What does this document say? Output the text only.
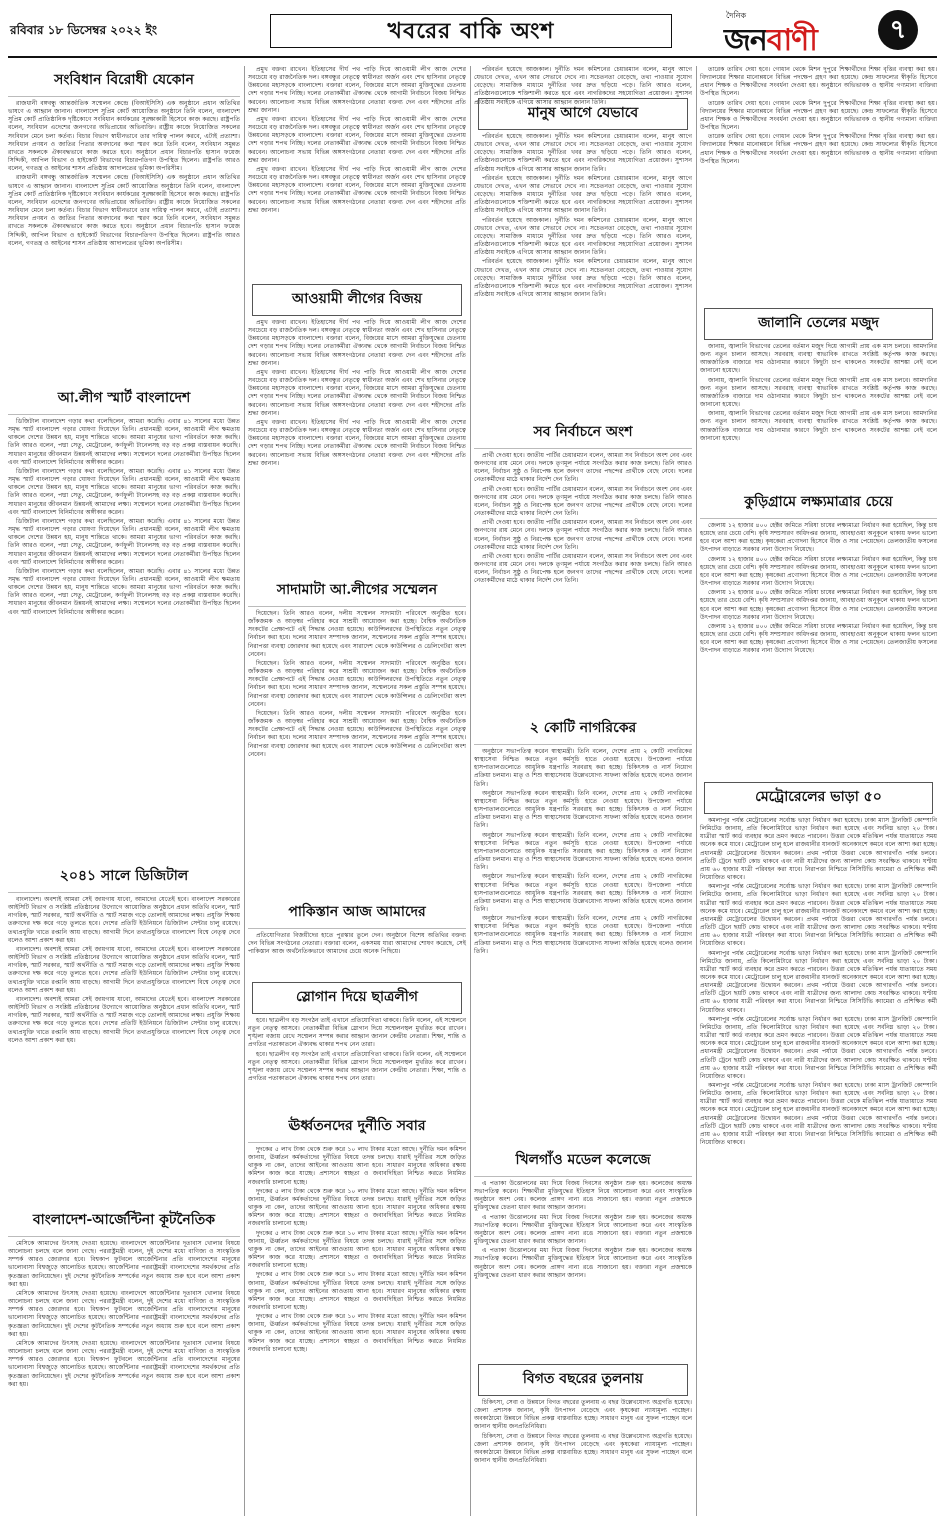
রবিবার ১৮ ডিসেম্বর ২০২২ ইং	খবরের বাকি অংশ
দৈনিক
জনবাণী	৭
সংবিধান বিরোধী যেকোন

রাজধানী বঙ্গবন্ধু আন্তর্জাতিক সম্মেলন কেন্দ্রে (বিআইসিসি) এক অনুষ্ঠানে প্রধান অতিথির ভাষণে এ আহ্বান জানান। বাংলাদেশ সুপ্রিম কোর্ট আয়োজিত অনুষ্ঠানে তিনি বলেন, বাংলাদেশ সুপ্রিম কোর্ট প্রাতিষ্ঠানিক দৃষ্টিকোণে সংবিধান কার্যকরের সুরক্ষাকারী হিসেবে কাজ করছে। রাষ্ট্রপতি বলেন, সংবিধান এদেশের জনগণের অভিপ্রায়ের অভিব্যক্তি। রাষ্ট্রীয় কাজে নিয়োজিত সকলের সংবিধান মেনে চলা কর্তব্য। বিচার বিভাগ স্বাধীনভাবে তার দায়িত্ব পালন করবে, এটাই প্রত্যাশা। সংবিধান প্রণয়ন ও জাতির পিতার অবদানের কথা স্মরণ করে তিনি বলেন, সংবিধান সমুন্নত রাখতে সকলকে ঐক্যবদ্ধভাবে কাজ করতে হবে। অনুষ্ঠানে প্রধান বিচারপতি হাসান ফয়েজ সিদ্দিকী, আপিল বিভাগ ও হাইকোর্ট বিভাগের বিচারপতিগণ উপস্থিত ছিলেন। রাষ্ট্রপতি আরও বলেন, গণতন্ত্র ও আইনের শাসন প্রতিষ্ঠায় আদালতের ভূমিকা অপরিসীম।

রাজধানী বঙ্গবন্ধু আন্তর্জাতিক সম্মেলন কেন্দ্রে (বিআইসিসি) এক অনুষ্ঠানে প্রধান অতিথির ভাষণে এ আহ্বান জানান। বাংলাদেশ সুপ্রিম কোর্ট আয়োজিত অনুষ্ঠানে তিনি বলেন, বাংলাদেশ সুপ্রিম কোর্ট প্রাতিষ্ঠানিক দৃষ্টিকোণে সংবিধান কার্যকরের সুরক্ষাকারী হিসেবে কাজ করছে। রাষ্ট্রপতি বলেন, সংবিধান এদেশের জনগণের অভিপ্রায়ের অভিব্যক্তি। রাষ্ট্রীয় কাজে নিয়োজিত সকলের সংবিধান মেনে চলা কর্তব্য। বিচার বিভাগ স্বাধীনভাবে তার দায়িত্ব পালন করবে, এটাই প্রত্যাশা। সংবিধান প্রণয়ন ও জাতির পিতার অবদানের কথা স্মরণ করে তিনি বলেন, সংবিধান সমুন্নত রাখতে সকলকে ঐক্যবদ্ধভাবে কাজ করতে হবে। অনুষ্ঠানে প্রধান বিচারপতি হাসান ফয়েজ সিদ্দিকী, আপিল বিভাগ ও হাইকোর্ট বিভাগের বিচারপতিগণ উপস্থিত ছিলেন। রাষ্ট্রপতি আরও বলেন, গণতন্ত্র ও আইনের শাসন প্রতিষ্ঠায় আদালতের ভূমিকা অপরিসীম।

আ.লীগ স্মার্ট বাংলাদেশ

ডিজিটাল বাংলাদেশ গড়ার কথা বলেছিলেন, আমরা করেছি। এবার ৪১ সালের মধ্যে উন্নত সমৃদ্ধ স্মার্ট বাংলাদেশ গড়ার ঘোষণা দিয়েছেন তিনি। প্রধানমন্ত্রী বলেন, আওয়ামী লীগ ক্ষমতায় থাকলে দেশের উন্নয়ন হয়, মানুষ শান্তিতে থাকে। আমরা মানুষের ভাগ্য পরিবর্তনে কাজ করছি। তিনি আরও বলেন, পদ্মা সেতু, মেট্রোরেল, কর্ণফুলী টানেলসহ বড় বড় প্রকল্প বাস্তবায়ন করেছি। সাধারণ মানুষের জীবনমান উন্নয়নই আমাদের লক্ষ্য। সম্মেলনে দলের নেতাকর্মীরা উপস্থিত ছিলেন এবং স্মার্ট বাংলাদেশ বিনির্মাণের অঙ্গীকার করেন।

ডিজিটাল বাংলাদেশ গড়ার কথা বলেছিলেন, আমরা করেছি। এবার ৪১ সালের মধ্যে উন্নত সমৃদ্ধ স্মার্ট বাংলাদেশ গড়ার ঘোষণা দিয়েছেন তিনি। প্রধানমন্ত্রী বলেন, আওয়ামী লীগ ক্ষমতায় থাকলে দেশের উন্নয়ন হয়, মানুষ শান্তিতে থাকে। আমরা মানুষের ভাগ্য পরিবর্তনে কাজ করছি। তিনি আরও বলেন, পদ্মা সেতু, মেট্রোরেল, কর্ণফুলী টানেলসহ বড় বড় প্রকল্প বাস্তবায়ন করেছি। সাধারণ মানুষের জীবনমান উন্নয়নই আমাদের লক্ষ্য। সম্মেলনে দলের নেতাকর্মীরা উপস্থিত ছিলেন এবং স্মার্ট বাংলাদেশ বিনির্মাণের অঙ্গীকার করেন।

ডিজিটাল বাংলাদেশ গড়ার কথা বলেছিলেন, আমরা করেছি। এবার ৪১ সালের মধ্যে উন্নত সমৃদ্ধ স্মার্ট বাংলাদেশ গড়ার ঘোষণা দিয়েছেন তিনি। প্রধানমন্ত্রী বলেন, আওয়ামী লীগ ক্ষমতায় থাকলে দেশের উন্নয়ন হয়, মানুষ শান্তিতে থাকে। আমরা মানুষের ভাগ্য পরিবর্তনে কাজ করছি। তিনি আরও বলেন, পদ্মা সেতু, মেট্রোরেল, কর্ণফুলী টানেলসহ বড় বড় প্রকল্প বাস্তবায়ন করেছি। সাধারণ মানুষের জীবনমান উন্নয়নই আমাদের লক্ষ্য। সম্মেলনে দলের নেতাকর্মীরা উপস্থিত ছিলেন এবং স্মার্ট বাংলাদেশ বিনির্মাণের অঙ্গীকার করেন।

ডিজিটাল বাংলাদেশ গড়ার কথা বলেছিলেন, আমরা করেছি। এবার ৪১ সালের মধ্যে উন্নত সমৃদ্ধ স্মার্ট বাংলাদেশ গড়ার ঘোষণা দিয়েছেন তিনি। প্রধানমন্ত্রী বলেন, আওয়ামী লীগ ক্ষমতায় থাকলে দেশের উন্নয়ন হয়, মানুষ শান্তিতে থাকে। আমরা মানুষের ভাগ্য পরিবর্তনে কাজ করছি। তিনি আরও বলেন, পদ্মা সেতু, মেট্রোরেল, কর্ণফুলী টানেলসহ বড় বড় প্রকল্প বাস্তবায়ন করেছি। সাধারণ মানুষের জীবনমান উন্নয়নই আমাদের লক্ষ্য। সম্মেলনে দলের নেতাকর্মীরা উপস্থিত ছিলেন এবং স্মার্ট বাংলাদেশ বিনির্মাণের অঙ্গীকার করেন।

২০৪১ সালে ডিজিটাল

বাংলাদেশ। অবশ্যই আমরা সেই জায়গায় যাবো, আমাদের যেতেই হবে। বাংলাদেশ সরকারের আইসিটি বিভাগ ও সংশ্লিষ্ট প্রতিষ্ঠানের উদ্যোগে আয়োজিত অনুষ্ঠানে প্রধান অতিথি বলেন, স্মার্ট নাগরিক, স্মার্ট সরকার, স্মার্ট অর্থনীতি ও স্মার্ট সমাজ গড়ে তোলাই আমাদের লক্ষ্য। প্রযুক্তি শিক্ষায় তরুণদের দক্ষ করে গড়ে তুলতে হবে। দেশের প্রতিটি ইউনিয়নে ডিজিটাল সেন্টার চালু রয়েছে। তথ্যপ্রযুক্তি খাতে রপ্তানি আয় বাড়ছে। আগামী দিনে তথ্যপ্রযুক্তিতে বাংলাদেশ বিশ্বে নেতৃত্ব দেবে বলেও আশা প্রকাশ করা হয়।

বাংলাদেশ। অবশ্যই আমরা সেই জায়গায় যাবো, আমাদের যেতেই হবে। বাংলাদেশ সরকারের আইসিটি বিভাগ ও সংশ্লিষ্ট প্রতিষ্ঠানের উদ্যোগে আয়োজিত অনুষ্ঠানে প্রধান অতিথি বলেন, স্মার্ট নাগরিক, স্মার্ট সরকার, স্মার্ট অর্থনীতি ও স্মার্ট সমাজ গড়ে তোলাই আমাদের লক্ষ্য। প্রযুক্তি শিক্ষায় তরুণদের দক্ষ করে গড়ে তুলতে হবে। দেশের প্রতিটি ইউনিয়নে ডিজিটাল সেন্টার চালু রয়েছে। তথ্যপ্রযুক্তি খাতে রপ্তানি আয় বাড়ছে। আগামী দিনে তথ্যপ্রযুক্তিতে বাংলাদেশ বিশ্বে নেতৃত্ব দেবে বলেও আশা প্রকাশ করা হয়।

বাংলাদেশ। অবশ্যই আমরা সেই জায়গায় যাবো, আমাদের যেতেই হবে। বাংলাদেশ সরকারের আইসিটি বিভাগ ও সংশ্লিষ্ট প্রতিষ্ঠানের উদ্যোগে আয়োজিত অনুষ্ঠানে প্রধান অতিথি বলেন, স্মার্ট নাগরিক, স্মার্ট সরকার, স্মার্ট অর্থনীতি ও স্মার্ট সমাজ গড়ে তোলাই আমাদের লক্ষ্য। প্রযুক্তি শিক্ষায় তরুণদের দক্ষ করে গড়ে তুলতে হবে। দেশের প্রতিটি ইউনিয়নে ডিজিটাল সেন্টার চালু রয়েছে। তথ্যপ্রযুক্তি খাতে রপ্তানি আয় বাড়ছে। আগামী দিনে তথ্যপ্রযুক্তিতে বাংলাদেশ বিশ্বে নেতৃত্ব দেবে বলেও আশা প্রকাশ করা হয়।

বাংলাদেশ-আর্জেন্টিনা কূটনৈতিক

মেসিকে আমাদের উৎসাহ দেওয়া হয়েছে। বাংলাদেশে আর্জেন্টিনার দূতাবাস খোলার বিষয়ে আলোচনা চলছে বলে জানা গেছে। পররাষ্ট্রমন্ত্রী বলেন, দুই দেশের মধ্যে বাণিজ্য ও সাংস্কৃতিক সম্পর্ক আরও জোরদার হবে। বিশ্বকাপ ফুটবলে আর্জেন্টিনার প্রতি বাংলাদেশের মানুষের ভালোবাসা বিশ্বজুড়ে আলোচিত হয়েছে। আর্জেন্টিনার পররাষ্ট্রমন্ত্রী বাংলাদেশের সমর্থকদের প্রতি কৃতজ্ঞতা জানিয়েছেন। দুই দেশের কূটনৈতিক সম্পর্কের নতুন অধ্যায় শুরু হবে বলে আশা প্রকাশ করা হয়।

মেসিকে আমাদের উৎসাহ দেওয়া হয়েছে। বাংলাদেশে আর্জেন্টিনার দূতাবাস খোলার বিষয়ে আলোচনা চলছে বলে জানা গেছে। পররাষ্ট্রমন্ত্রী বলেন, দুই দেশের মধ্যে বাণিজ্য ও সাংস্কৃতিক সম্পর্ক আরও জোরদার হবে। বিশ্বকাপ ফুটবলে আর্জেন্টিনার প্রতি বাংলাদেশের মানুষের ভালোবাসা বিশ্বজুড়ে আলোচিত হয়েছে। আর্জেন্টিনার পররাষ্ট্রমন্ত্রী বাংলাদেশের সমর্থকদের প্রতি কৃতজ্ঞতা জানিয়েছেন। দুই দেশের কূটনৈতিক সম্পর্কের নতুন অধ্যায় শুরু হবে বলে আশা প্রকাশ করা হয়।

মেসিকে আমাদের উৎসাহ দেওয়া হয়েছে। বাংলাদেশে আর্জেন্টিনার দূতাবাস খোলার বিষয়ে আলোচনা চলছে বলে জানা গেছে। পররাষ্ট্রমন্ত্রী বলেন, দুই দেশের মধ্যে বাণিজ্য ও সাংস্কৃতিক সম্পর্ক আরও জোরদার হবে। বিশ্বকাপ ফুটবলে আর্জেন্টিনার প্রতি বাংলাদেশের মানুষের ভালোবাসা বিশ্বজুড়ে আলোচিত হয়েছে। আর্জেন্টিনার পররাষ্ট্রমন্ত্রী বাংলাদেশের সমর্থকদের প্রতি কৃতজ্ঞতা জানিয়েছেন। দুই দেশের কূটনৈতিক সম্পর্কের নতুন অধ্যায় শুরু হবে বলে আশা প্রকাশ করা হয়।

প্রমুখ বক্তব্য রাখেন। ইতিহাসের দীর্ঘ পথ পাড়ি দিয়ে আওয়ামী লীগ আজ দেশের সবচেয়ে বড় রাজনৈতিক দল। বঙ্গবন্ধুর নেতৃত্বে স্বাধীনতা অর্জন এবং শেখ হাসিনার নেতৃত্বে উন্নয়নের মহাসড়কে বাংলাদেশ। বক্তারা বলেন, বিজয়ের মাসে আমরা মুক্তিযুদ্ধের চেতনায় দেশ গড়ার শপথ নিচ্ছি। দলের নেতাকর্মীরা ঐক্যবদ্ধ থেকে আগামী নির্বাচনে বিজয় নিশ্চিত করবেন। আলোচনা সভায় বিভিন্ন অঙ্গসংগঠনের নেতারা বক্তব্য দেন এবং শহীদদের প্রতি শ্রদ্ধা জানান।

প্রমুখ বক্তব্য রাখেন। ইতিহাসের দীর্ঘ পথ পাড়ি দিয়ে আওয়ামী লীগ আজ দেশের সবচেয়ে বড় রাজনৈতিক দল। বঙ্গবন্ধুর নেতৃত্বে স্বাধীনতা অর্জন এবং শেখ হাসিনার নেতৃত্বে উন্নয়নের মহাসড়কে বাংলাদেশ। বক্তারা বলেন, বিজয়ের মাসে আমরা মুক্তিযুদ্ধের চেতনায় দেশ গড়ার শপথ নিচ্ছি। দলের নেতাকর্মীরা ঐক্যবদ্ধ থেকে আগামী নির্বাচনে বিজয় নিশ্চিত করবেন। আলোচনা সভায় বিভিন্ন অঙ্গসংগঠনের নেতারা বক্তব্য দেন এবং শহীদদের প্রতি শ্রদ্ধা জানান।

প্রমুখ বক্তব্য রাখেন। ইতিহাসের দীর্ঘ পথ পাড়ি দিয়ে আওয়ামী লীগ আজ দেশের সবচেয়ে বড় রাজনৈতিক দল। বঙ্গবন্ধুর নেতৃত্বে স্বাধীনতা অর্জন এবং শেখ হাসিনার নেতৃত্বে উন্নয়নের মহাসড়কে বাংলাদেশ। বক্তারা বলেন, বিজয়ের মাসে আমরা মুক্তিযুদ্ধের চেতনায় দেশ গড়ার শপথ নিচ্ছি। দলের নেতাকর্মীরা ঐক্যবদ্ধ থেকে আগামী নির্বাচনে বিজয় নিশ্চিত করবেন। আলোচনা সভায় বিভিন্ন অঙ্গসংগঠনের নেতারা বক্তব্য দেন এবং শহীদদের প্রতি শ্রদ্ধা জানান।

আওয়ামী লীগের বিজয়

প্রমুখ বক্তব্য রাখেন। ইতিহাসের দীর্ঘ পথ পাড়ি দিয়ে আওয়ামী লীগ আজ দেশের সবচেয়ে বড় রাজনৈতিক দল। বঙ্গবন্ধুর নেতৃত্বে স্বাধীনতা অর্জন এবং শেখ হাসিনার নেতৃত্বে উন্নয়নের মহাসড়কে বাংলাদেশ। বক্তারা বলেন, বিজয়ের মাসে আমরা মুক্তিযুদ্ধের চেতনায় দেশ গড়ার শপথ নিচ্ছি। দলের নেতাকর্মীরা ঐক্যবদ্ধ থেকে আগামী নির্বাচনে বিজয় নিশ্চিত করবেন। আলোচনা সভায় বিভিন্ন অঙ্গসংগঠনের নেতারা বক্তব্য দেন এবং শহীদদের প্রতি শ্রদ্ধা জানান।

প্রমুখ বক্তব্য রাখেন। ইতিহাসের দীর্ঘ পথ পাড়ি দিয়ে আওয়ামী লীগ আজ দেশের সবচেয়ে বড় রাজনৈতিক দল। বঙ্গবন্ধুর নেতৃত্বে স্বাধীনতা অর্জন এবং শেখ হাসিনার নেতৃত্বে উন্নয়নের মহাসড়কে বাংলাদেশ। বক্তারা বলেন, বিজয়ের মাসে আমরা মুক্তিযুদ্ধের চেতনায় দেশ গড়ার শপথ নিচ্ছি। দলের নেতাকর্মীরা ঐক্যবদ্ধ থেকে আগামী নির্বাচনে বিজয় নিশ্চিত করবেন। আলোচনা সভায় বিভিন্ন অঙ্গসংগঠনের নেতারা বক্তব্য দেন এবং শহীদদের প্রতি শ্রদ্ধা জানান।

প্রমুখ বক্তব্য রাখেন। ইতিহাসের দীর্ঘ পথ পাড়ি দিয়ে আওয়ামী লীগ আজ দেশের সবচেয়ে বড় রাজনৈতিক দল। বঙ্গবন্ধুর নেতৃত্বে স্বাধীনতা অর্জন এবং শেখ হাসিনার নেতৃত্বে উন্নয়নের মহাসড়কে বাংলাদেশ। বক্তারা বলেন, বিজয়ের মাসে আমরা মুক্তিযুদ্ধের চেতনায় দেশ গড়ার শপথ নিচ্ছি। দলের নেতাকর্মীরা ঐক্যবদ্ধ থেকে আগামী নির্বাচনে বিজয় নিশ্চিত করবেন। আলোচনা সভায় বিভিন্ন অঙ্গসংগঠনের নেতারা বক্তব্য দেন এবং শহীদদের প্রতি শ্রদ্ধা জানান।

সাদামাটা আ.লীগের সম্মেলন

দিয়েছেন। তিনি আরও বলেন, দলীয় সম্মেলন সাদামাটা পরিবেশে অনুষ্ঠিত হবে। জাঁকজমক ও আড়ম্বর পরিহার করে সাশ্রয়ী আয়োজন করা হচ্ছে। বৈশ্বিক অর্থনৈতিক সংকটের প্রেক্ষাপটে এই সিদ্ধান্ত নেওয়া হয়েছে। কাউন্সিলরদের উপস্থিতিতে নতুন নেতৃত্ব নির্বাচন করা হবে। দলের সাধারণ সম্পাদক জানান, সম্মেলনের সকল প্রস্তুতি সম্পন্ন হয়েছে। নিরাপত্তা ব্যবস্থা জোরদার করা হয়েছে এবং সারাদেশ থেকে কাউন্সিলর ও ডেলিগেটরা অংশ নেবেন।

দিয়েছেন। তিনি আরও বলেন, দলীয় সম্মেলন সাদামাটা পরিবেশে অনুষ্ঠিত হবে। জাঁকজমক ও আড়ম্বর পরিহার করে সাশ্রয়ী আয়োজন করা হচ্ছে। বৈশ্বিক অর্থনৈতিক সংকটের প্রেক্ষাপটে এই সিদ্ধান্ত নেওয়া হয়েছে। কাউন্সিলরদের উপস্থিতিতে নতুন নেতৃত্ব নির্বাচন করা হবে। দলের সাধারণ সম্পাদক জানান, সম্মেলনের সকল প্রস্তুতি সম্পন্ন হয়েছে। নিরাপত্তা ব্যবস্থা জোরদার করা হয়েছে এবং সারাদেশ থেকে কাউন্সিলর ও ডেলিগেটরা অংশ নেবেন।

দিয়েছেন। তিনি আরও বলেন, দলীয় সম্মেলন সাদামাটা পরিবেশে অনুষ্ঠিত হবে। জাঁকজমক ও আড়ম্বর পরিহার করে সাশ্রয়ী আয়োজন করা হচ্ছে। বৈশ্বিক অর্থনৈতিক সংকটের প্রেক্ষাপটে এই সিদ্ধান্ত নেওয়া হয়েছে। কাউন্সিলরদের উপস্থিতিতে নতুন নেতৃত্ব নির্বাচন করা হবে। দলের সাধারণ সম্পাদক জানান, সম্মেলনের সকল প্রস্তুতি সম্পন্ন হয়েছে। নিরাপত্তা ব্যবস্থা জোরদার করা হয়েছে এবং সারাদেশ থেকে কাউন্সিলর ও ডেলিগেটরা অংশ নেবেন।

পাকিস্তান আজ আমাদের

প্রতিযোগিতার বিজয়ীদের হাতে পুরস্কার তুলে দেন। অনুষ্ঠানে বিশেষ অতিথির বক্তব্য দেন বিভিন্ন সংগঠনের নেতারা। বক্তারা বলেন, একসময় যারা আমাদের শোষণ করেছে, সেই পাকিস্তান আজ অর্থনৈতিকভাবে আমাদের চেয়ে অনেক পিছিয়ে।

স্লোগান দিয়ে ছাত্রলীগ

হবে। ছাত্রলীগ বড় সংগঠন তাই এখানে প্রতিযোগিতা থাকবে। তিনি বলেন, এই সম্মেলনে নতুন নেতৃত্ব আসবে। নেতাকর্মীরা বিভিন্ন স্লোগান দিয়ে সম্মেলনস্থল মুখরিত করে রাখেন। শৃঙ্খলা বজায় রেখে সম্মেলন সম্পন্ন করার আহ্বান জানান কেন্দ্রীয় নেতারা। শিক্ষা, শান্তি ও প্রগতির পতাকাতলে ঐক্যবদ্ধ থাকার শপথ নেন তারা।

হবে। ছাত্রলীগ বড় সংগঠন তাই এখানে প্রতিযোগিতা থাকবে। তিনি বলেন, এই সম্মেলনে নতুন নেতৃত্ব আসবে। নেতাকর্মীরা বিভিন্ন স্লোগান দিয়ে সম্মেলনস্থল মুখরিত করে রাখেন। শৃঙ্খলা বজায় রেখে সম্মেলন সম্পন্ন করার আহ্বান জানান কেন্দ্রীয় নেতারা। শিক্ষা, শান্তি ও প্রগতির পতাকাতলে ঐক্যবদ্ধ থাকার শপথ নেন তারা।

ঊর্ধ্বতনদের দুর্নীতি সবার

দুদকের ৫ লাখ টাকা থেকে শুরু করে ১০ লাখ টাকার মতো আছে। দুর্নীতি দমন কমিশন জানায়, ঊর্ধ্বতন কর্মকর্তাদের দুর্নীতির বিষয়ে তদন্ত চলছে। যারাই দুর্নীতির সঙ্গে জড়িত থাকুক না কেন, তাদের আইনের আওতায় আনা হবে। সাধারণ মানুষের অধিকার রক্ষায় কমিশন কাজ করে যাচ্ছে। প্রশাসনে স্বচ্ছতা ও জবাবদিহিতা নিশ্চিত করতে নিয়মিত নজরদারি চালানো হচ্ছে।

দুদকের ৫ লাখ টাকা থেকে শুরু করে ১০ লাখ টাকার মতো আছে। দুর্নীতি দমন কমিশন জানায়, ঊর্ধ্বতন কর্মকর্তাদের দুর্নীতির বিষয়ে তদন্ত চলছে। যারাই দুর্নীতির সঙ্গে জড়িত থাকুক না কেন, তাদের আইনের আওতায় আনা হবে। সাধারণ মানুষের অধিকার রক্ষায় কমিশন কাজ করে যাচ্ছে। প্রশাসনে স্বচ্ছতা ও জবাবদিহিতা নিশ্চিত করতে নিয়মিত নজরদারি চালানো হচ্ছে।

দুদকের ৫ লাখ টাকা থেকে শুরু করে ১০ লাখ টাকার মতো আছে। দুর্নীতি দমন কমিশন জানায়, ঊর্ধ্বতন কর্মকর্তাদের দুর্নীতির বিষয়ে তদন্ত চলছে। যারাই দুর্নীতির সঙ্গে জড়িত থাকুক না কেন, তাদের আইনের আওতায় আনা হবে। সাধারণ মানুষের অধিকার রক্ষায় কমিশন কাজ করে যাচ্ছে। প্রশাসনে স্বচ্ছতা ও জবাবদিহিতা নিশ্চিত করতে নিয়মিত নজরদারি চালানো হচ্ছে।

দুদকের ৫ লাখ টাকা থেকে শুরু করে ১০ লাখ টাকার মতো আছে। দুর্নীতি দমন কমিশন জানায়, ঊর্ধ্বতন কর্মকর্তাদের দুর্নীতির বিষয়ে তদন্ত চলছে। যারাই দুর্নীতির সঙ্গে জড়িত থাকুক না কেন, তাদের আইনের আওতায় আনা হবে। সাধারণ মানুষের অধিকার রক্ষায় কমিশন কাজ করে যাচ্ছে। প্রশাসনে স্বচ্ছতা ও জবাবদিহিতা নিশ্চিত করতে নিয়মিত নজরদারি চালানো হচ্ছে।

দুদকের ৫ লাখ টাকা থেকে শুরু করে ১০ লাখ টাকার মতো আছে। দুর্নীতি দমন কমিশন জানায়, ঊর্ধ্বতন কর্মকর্তাদের দুর্নীতির বিষয়ে তদন্ত চলছে। যারাই দুর্নীতির সঙ্গে জড়িত থাকুক না কেন, তাদের আইনের আওতায় আনা হবে। সাধারণ মানুষের অধিকার রক্ষায় কমিশন কাজ করে যাচ্ছে। প্রশাসনে স্বচ্ছতা ও জবাবদিহিতা নিশ্চিত করতে নিয়মিত নজরদারি চালানো হচ্ছে।

পরিবর্তন হয়েছে আজকাল। দুর্নীতি দমন কমিশনের চেয়ারম্যান বলেন, মানুষ আগে যেভাবে দেখত, এখন আর সেভাবে দেখে না। সচেতনতা বেড়েছে, তথ্য পাওয়ার সুযোগ বেড়েছে। সামাজিক মাধ্যমে দুর্নীতির খবর দ্রুত ছড়িয়ে পড়ে। তিনি আরও বলেন, প্রতিষ্ঠানগুলোকে শক্তিশালী করতে হবে এবং নাগরিকদের সহযোগিতা প্রয়োজন। সুশাসন প্রতিষ্ঠায় সবাইকে এগিয়ে আসার আহ্বান জানান তিনি।

মানুষ আগে যেভাবে

পরিবর্তন হয়েছে আজকাল। দুর্নীতি দমন কমিশনের চেয়ারম্যান বলেন, মানুষ আগে যেভাবে দেখত, এখন আর সেভাবে দেখে না। সচেতনতা বেড়েছে, তথ্য পাওয়ার সুযোগ বেড়েছে। সামাজিক মাধ্যমে দুর্নীতির খবর দ্রুত ছড়িয়ে পড়ে। তিনি আরও বলেন, প্রতিষ্ঠানগুলোকে শক্তিশালী করতে হবে এবং নাগরিকদের সহযোগিতা প্রয়োজন। সুশাসন প্রতিষ্ঠায় সবাইকে এগিয়ে আসার আহ্বান জানান তিনি।

পরিবর্তন হয়েছে আজকাল। দুর্নীতি দমন কমিশনের চেয়ারম্যান বলেন, মানুষ আগে যেভাবে দেখত, এখন আর সেভাবে দেখে না। সচেতনতা বেড়েছে, তথ্য পাওয়ার সুযোগ বেড়েছে। সামাজিক মাধ্যমে দুর্নীতির খবর দ্রুত ছড়িয়ে পড়ে। তিনি আরও বলেন, প্রতিষ্ঠানগুলোকে শক্তিশালী করতে হবে এবং নাগরিকদের সহযোগিতা প্রয়োজন। সুশাসন প্রতিষ্ঠায় সবাইকে এগিয়ে আসার আহ্বান জানান তিনি।

পরিবর্তন হয়েছে আজকাল। দুর্নীতি দমন কমিশনের চেয়ারম্যান বলেন, মানুষ আগে যেভাবে দেখত, এখন আর সেভাবে দেখে না। সচেতনতা বেড়েছে, তথ্য পাওয়ার সুযোগ বেড়েছে। সামাজিক মাধ্যমে দুর্নীতির খবর দ্রুত ছড়িয়ে পড়ে। তিনি আরও বলেন, প্রতিষ্ঠানগুলোকে শক্তিশালী করতে হবে এবং নাগরিকদের সহযোগিতা প্রয়োজন। সুশাসন প্রতিষ্ঠায় সবাইকে এগিয়ে আসার আহ্বান জানান তিনি।

পরিবর্তন হয়েছে আজকাল। দুর্নীতি দমন কমিশনের চেয়ারম্যান বলেন, মানুষ আগে যেভাবে দেখত, এখন আর সেভাবে দেখে না। সচেতনতা বেড়েছে, তথ্য পাওয়ার সুযোগ বেড়েছে। সামাজিক মাধ্যমে দুর্নীতির খবর দ্রুত ছড়িয়ে পড়ে। তিনি আরও বলেন, প্রতিষ্ঠানগুলোকে শক্তিশালী করতে হবে এবং নাগরিকদের সহযোগিতা প্রয়োজন। সুশাসন প্রতিষ্ঠায় সবাইকে এগিয়ে আসার আহ্বান জানান তিনি।

সব নির্বাচনে অংশ

প্রার্থী দেওয়া হবে। জাতীয় পার্টির চেয়ারম্যান বলেন, আমরা সব নির্বাচনে অংশ নেব এবং জনগণের রায় মেনে নেব। দলকে তৃণমূল পর্যায়ে সংগঠিত করার কাজ চলছে। তিনি আরও বলেন, নির্বাচন সুষ্ঠু ও নিরপেক্ষ হলে জনগণ তাদের পছন্দের প্রার্থীকে বেছে নেবে। দলের নেতাকর্মীদের মাঠে থাকার নির্দেশ দেন তিনি।

প্রার্থী দেওয়া হবে। জাতীয় পার্টির চেয়ারম্যান বলেন, আমরা সব নির্বাচনে অংশ নেব এবং জনগণের রায় মেনে নেব। দলকে তৃণমূল পর্যায়ে সংগঠিত করার কাজ চলছে। তিনি আরও বলেন, নির্বাচন সুষ্ঠু ও নিরপেক্ষ হলে জনগণ তাদের পছন্দের প্রার্থীকে বেছে নেবে। দলের নেতাকর্মীদের মাঠে থাকার নির্দেশ দেন তিনি।

প্রার্থী দেওয়া হবে। জাতীয় পার্টির চেয়ারম্যান বলেন, আমরা সব নির্বাচনে অংশ নেব এবং জনগণের রায় মেনে নেব। দলকে তৃণমূল পর্যায়ে সংগঠিত করার কাজ চলছে। তিনি আরও বলেন, নির্বাচন সুষ্ঠু ও নিরপেক্ষ হলে জনগণ তাদের পছন্দের প্রার্থীকে বেছে নেবে। দলের নেতাকর্মীদের মাঠে থাকার নির্দেশ দেন তিনি।

প্রার্থী দেওয়া হবে। জাতীয় পার্টির চেয়ারম্যান বলেন, আমরা সব নির্বাচনে অংশ নেব এবং জনগণের রায় মেনে নেব। দলকে তৃণমূল পর্যায়ে সংগঠিত করার কাজ চলছে। তিনি আরও বলেন, নির্বাচন সুষ্ঠু ও নিরপেক্ষ হলে জনগণ তাদের পছন্দের প্রার্থীকে বেছে নেবে। দলের নেতাকর্মীদের মাঠে থাকার নির্দেশ দেন তিনি।

২ কোটি নাগরিকের

অনুষ্ঠানে সভাপতিত্ব করেন স্বাস্থ্যমন্ত্রী। তিনি বলেন, দেশের প্রায় ২ কোটি নাগরিকের স্বাস্থ্যসেবা নিশ্চিত করতে নতুন কর্মসূচি হাতে নেওয়া হয়েছে। উপজেলা পর্যায়ে হাসপাতালগুলোতে আধুনিক যন্ত্রপাতি সরবরাহ করা হচ্ছে। চিকিৎসক ও নার্স নিয়োগ প্রক্রিয়া চলমান। মাতৃ ও শিশু স্বাস্থ্যসেবায় উল্লেখযোগ্য সাফল্য অর্জিত হয়েছে বলেও জানান তিনি।

অনুষ্ঠানে সভাপতিত্ব করেন স্বাস্থ্যমন্ত্রী। তিনি বলেন, দেশের প্রায় ২ কোটি নাগরিকের স্বাস্থ্যসেবা নিশ্চিত করতে নতুন কর্মসূচি হাতে নেওয়া হয়েছে। উপজেলা পর্যায়ে হাসপাতালগুলোতে আধুনিক যন্ত্রপাতি সরবরাহ করা হচ্ছে। চিকিৎসক ও নার্স নিয়োগ প্রক্রিয়া চলমান। মাতৃ ও শিশু স্বাস্থ্যসেবায় উল্লেখযোগ্য সাফল্য অর্জিত হয়েছে বলেও জানান তিনি।

অনুষ্ঠানে সভাপতিত্ব করেন স্বাস্থ্যমন্ত্রী। তিনি বলেন, দেশের প্রায় ২ কোটি নাগরিকের স্বাস্থ্যসেবা নিশ্চিত করতে নতুন কর্মসূচি হাতে নেওয়া হয়েছে। উপজেলা পর্যায়ে হাসপাতালগুলোতে আধুনিক যন্ত্রপাতি সরবরাহ করা হচ্ছে। চিকিৎসক ও নার্স নিয়োগ প্রক্রিয়া চলমান। মাতৃ ও শিশু স্বাস্থ্যসেবায় উল্লেখযোগ্য সাফল্য অর্জিত হয়েছে বলেও জানান তিনি।

অনুষ্ঠানে সভাপতিত্ব করেন স্বাস্থ্যমন্ত্রী। তিনি বলেন, দেশের প্রায় ২ কোটি নাগরিকের স্বাস্থ্যসেবা নিশ্চিত করতে নতুন কর্মসূচি হাতে নেওয়া হয়েছে। উপজেলা পর্যায়ে হাসপাতালগুলোতে আধুনিক যন্ত্রপাতি সরবরাহ করা হচ্ছে। চিকিৎসক ও নার্স নিয়োগ প্রক্রিয়া চলমান। মাতৃ ও শিশু স্বাস্থ্যসেবায় উল্লেখযোগ্য সাফল্য অর্জিত হয়েছে বলেও জানান তিনি।

অনুষ্ঠানে সভাপতিত্ব করেন স্বাস্থ্যমন্ত্রী। তিনি বলেন, দেশের প্রায় ২ কোটি নাগরিকের স্বাস্থ্যসেবা নিশ্চিত করতে নতুন কর্মসূচি হাতে নেওয়া হয়েছে। উপজেলা পর্যায়ে হাসপাতালগুলোতে আধুনিক যন্ত্রপাতি সরবরাহ করা হচ্ছে। চিকিৎসক ও নার্স নিয়োগ প্রক্রিয়া চলমান। মাতৃ ও শিশু স্বাস্থ্যসেবায় উল্লেখযোগ্য সাফল্য অর্জিত হয়েছে বলেও জানান তিনি।

খিলগাঁও মডেল কলেজে

এ পতাকা উত্তোলনের মধ্য দিয়ে বিজয় দিবসের অনুষ্ঠান শুরু হয়। কলেজের অধ্যক্ষ সভাপতিত্ব করেন। শিক্ষার্থীরা মুক্তিযুদ্ধের ইতিহাস নিয়ে আলোচনা করে এবং সাংস্কৃতিক অনুষ্ঠানে অংশ নেয়। কলেজ প্রাঙ্গণ নানা রঙে সাজানো হয়। বক্তারা নতুন প্রজন্মকে মুক্তিযুদ্ধের চেতনা ধারণ করার আহ্বান জানান।

এ পতাকা উত্তোলনের মধ্য দিয়ে বিজয় দিবসের অনুষ্ঠান শুরু হয়। কলেজের অধ্যক্ষ সভাপতিত্ব করেন। শিক্ষার্থীরা মুক্তিযুদ্ধের ইতিহাস নিয়ে আলোচনা করে এবং সাংস্কৃতিক অনুষ্ঠানে অংশ নেয়। কলেজ প্রাঙ্গণ নানা রঙে সাজানো হয়। বক্তারা নতুন প্রজন্মকে মুক্তিযুদ্ধের চেতনা ধারণ করার আহ্বান জানান।

এ পতাকা উত্তোলনের মধ্য দিয়ে বিজয় দিবসের অনুষ্ঠান শুরু হয়। কলেজের অধ্যক্ষ সভাপতিত্ব করেন। শিক্ষার্থীরা মুক্তিযুদ্ধের ইতিহাস নিয়ে আলোচনা করে এবং সাংস্কৃতিক অনুষ্ঠানে অংশ নেয়। কলেজ প্রাঙ্গণ নানা রঙে সাজানো হয়। বক্তারা নতুন প্রজন্মকে মুক্তিযুদ্ধের চেতনা ধারণ করার আহ্বান জানান।

বিগত বছরের তুলনায়

চিকিৎসা, সেবা ও উন্নয়নে বিগত বছরের তুলনায় এ বছর উল্লেখযোগ্য অগ্রগতি হয়েছে। জেলা প্রশাসক জানান, কৃষি উৎপাদন বেড়েছে এবং কৃষকেরা ন্যায্যমূল্য পাচ্ছেন। অবকাঠামো উন্নয়নে বিভিন্ন প্রকল্প বাস্তবায়িত হচ্ছে। সাধারণ মানুষ এর সুফল পাচ্ছেন বলে জানান স্থানীয় জনপ্রতিনিধিরা।

চিকিৎসা, সেবা ও উন্নয়নে বিগত বছরের তুলনায় এ বছর উল্লেখযোগ্য অগ্রগতি হয়েছে। জেলা প্রশাসক জানান, কৃষি উৎপাদন বেড়েছে এবং কৃষকেরা ন্যায্যমূল্য পাচ্ছেন। অবকাঠামো উন্নয়নে বিভিন্ন প্রকল্প বাস্তবায়িত হচ্ছে। সাধারণ মানুষ এর সুফল পাচ্ছেন বলে জানান স্থানীয় জনপ্রতিনিধিরা।

তারেক তারিখ দেয়া হবে। গোধান থেকে মিশন দুপুরে শিক্ষার্থীদের শিক্ষা বৃত্তির ব্যবস্থা করা হয়। বিদ্যালয়ের শিক্ষার মানোন্নয়নে বিভিন্ন পদক্ষেপ গ্রহণ করা হয়েছে। কেন্দ্র সাফল্যের স্বীকৃতি হিসেবে প্রধান শিক্ষক ও শিক্ষার্থীদের সংবর্ধনা দেওয়া হয়। অনুষ্ঠানে অভিভাবক ও স্থানীয় গণ্যমান্য ব্যক্তিরা উপস্থিত ছিলেন।

তারেক তারিখ দেয়া হবে। গোধান থেকে মিশন দুপুরে শিক্ষার্থীদের শিক্ষা বৃত্তির ব্যবস্থা করা হয়। বিদ্যালয়ের শিক্ষার মানোন্নয়নে বিভিন্ন পদক্ষেপ গ্রহণ করা হয়েছে। কেন্দ্র সাফল্যের স্বীকৃতি হিসেবে প্রধান শিক্ষক ও শিক্ষার্থীদের সংবর্ধনা দেওয়া হয়। অনুষ্ঠানে অভিভাবক ও স্থানীয় গণ্যমান্য ব্যক্তিরা উপস্থিত ছিলেন।

তারেক তারিখ দেয়া হবে। গোধান থেকে মিশন দুপুরে শিক্ষার্থীদের শিক্ষা বৃত্তির ব্যবস্থা করা হয়। বিদ্যালয়ের শিক্ষার মানোন্নয়নে বিভিন্ন পদক্ষেপ গ্রহণ করা হয়েছে। কেন্দ্র সাফল্যের স্বীকৃতি হিসেবে প্রধান শিক্ষক ও শিক্ষার্থীদের সংবর্ধনা দেওয়া হয়। অনুষ্ঠানে অভিভাবক ও স্থানীয় গণ্যমান্য ব্যক্তিরা উপস্থিত ছিলেন।

জালানি তেলের মজুদ

জানায়, জ্বালানি বিভাগের তেলের বর্তমান মজুদ দিয়ে আগামী প্রায় এক মাস চলবে। আমদানির জন্য নতুন চালান আসছে। সরবরাহ ব্যবস্থা স্বাভাবিক রাখতে সংশ্লিষ্ট কর্তৃপক্ষ কাজ করছে। আন্তর্জাতিক বাজারে দাম ওঠানামার কারণে কিছুটা চাপ থাকলেও সংকটের আশঙ্কা নেই বলে জানানো হয়েছে।

জানায়, জ্বালানি বিভাগের তেলের বর্তমান মজুদ দিয়ে আগামী প্রায় এক মাস চলবে। আমদানির জন্য নতুন চালান আসছে। সরবরাহ ব্যবস্থা স্বাভাবিক রাখতে সংশ্লিষ্ট কর্তৃপক্ষ কাজ করছে। আন্তর্জাতিক বাজারে দাম ওঠানামার কারণে কিছুটা চাপ থাকলেও সংকটের আশঙ্কা নেই বলে জানানো হয়েছে।

জানায়, জ্বালানি বিভাগের তেলের বর্তমান মজুদ দিয়ে আগামী প্রায় এক মাস চলবে। আমদানির জন্য নতুন চালান আসছে। সরবরাহ ব্যবস্থা স্বাভাবিক রাখতে সংশ্লিষ্ট কর্তৃপক্ষ কাজ করছে। আন্তর্জাতিক বাজারে দাম ওঠানামার কারণে কিছুটা চাপ থাকলেও সংকটের আশঙ্কা নেই বলে জানানো হয়েছে।

কুড়িগ্রামে লক্ষ্যমাত্রার চেয়ে

জেলায় ১২ হাজার ৪০০ হেক্টর জমিতে সরিষা চাষের লক্ষ্যমাত্রা নির্ধারণ করা হয়েছিল, কিন্তু চাষ হয়েছে তার চেয়ে বেশি। কৃষি সম্প্রসারণ অধিদপ্তর জানায়, আবহাওয়া অনুকূলে থাকায় ফলন ভালো হবে বলে আশা করা হচ্ছে। কৃষকেরা প্রণোদনা হিসেবে বীজ ও সার পেয়েছেন। তেলজাতীয় ফসলের উৎপাদন বাড়াতে সরকার নানা উদ্যোগ নিয়েছে।

জেলায় ১২ হাজার ৪০০ হেক্টর জমিতে সরিষা চাষের লক্ষ্যমাত্রা নির্ধারণ করা হয়েছিল, কিন্তু চাষ হয়েছে তার চেয়ে বেশি। কৃষি সম্প্রসারণ অধিদপ্তর জানায়, আবহাওয়া অনুকূলে থাকায় ফলন ভালো হবে বলে আশা করা হচ্ছে। কৃষকেরা প্রণোদনা হিসেবে বীজ ও সার পেয়েছেন। তেলজাতীয় ফসলের উৎপাদন বাড়াতে সরকার নানা উদ্যোগ নিয়েছে।

জেলায় ১২ হাজার ৪০০ হেক্টর জমিতে সরিষা চাষের লক্ষ্যমাত্রা নির্ধারণ করা হয়েছিল, কিন্তু চাষ হয়েছে তার চেয়ে বেশি। কৃষি সম্প্রসারণ অধিদপ্তর জানায়, আবহাওয়া অনুকূলে থাকায় ফলন ভালো হবে বলে আশা করা হচ্ছে। কৃষকেরা প্রণোদনা হিসেবে বীজ ও সার পেয়েছেন। তেলজাতীয় ফসলের উৎপাদন বাড়াতে সরকার নানা উদ্যোগ নিয়েছে।

জেলায় ১২ হাজার ৪০০ হেক্টর জমিতে সরিষা চাষের লক্ষ্যমাত্রা নির্ধারণ করা হয়েছিল, কিন্তু চাষ হয়েছে তার চেয়ে বেশি। কৃষি সম্প্রসারণ অধিদপ্তর জানায়, আবহাওয়া অনুকূলে থাকায় ফলন ভালো হবে বলে আশা করা হচ্ছে। কৃষকেরা প্রণোদনা হিসেবে বীজ ও সার পেয়েছেন। তেলজাতীয় ফসলের উৎপাদন বাড়াতে সরকার নানা উদ্যোগ নিয়েছে।

মেট্রোরেলের ভাড়া ৫০

কমলাপুর পর্যন্ত মেট্রোরেলের সর্বোচ্চ ভাড়া নির্ধারণ করা হয়েছে। ঢাকা ম্যাস ট্রানজিট কোম্পানি লিমিটেড জানায়, প্রতি কিলোমিটারে ভাড়া নির্ধারণ করা হয়েছে এবং সর্বনিম্ন ভাড়া ২০ টাকা। যাত্রীরা স্মার্ট কার্ড ব্যবহার করে ভ্রমণ করতে পারবেন। উত্তরা থেকে মতিঝিল পর্যন্ত যাতায়াতে সময় অনেক কমে যাবে। মেট্রোরেল চালু হলে রাজধানীর যানজট অনেকাংশে কমবে বলে আশা করা হচ্ছে। প্রধানমন্ত্রী মেট্রোরেলের উদ্বোধন করবেন। প্রথম পর্যায়ে উত্তরা থেকে আগারগাঁও পর্যন্ত চলবে। প্রতিটি ট্রেনে ছয়টি কোচ থাকবে এবং নারী যাত্রীদের জন্য আলাদা কোচ সংরক্ষিত থাকবে। ঘণ্টায় প্রায় ৬০ হাজার যাত্রী পরিবহন করা যাবে। নিরাপত্তা নিশ্চিতে সিসিটিভি ক্যামেরা ও প্রশিক্ষিত কর্মী নিয়োজিত থাকবে।

কমলাপুর পর্যন্ত মেট্রোরেলের সর্বোচ্চ ভাড়া নির্ধারণ করা হয়েছে। ঢাকা ম্যাস ট্রানজিট কোম্পানি লিমিটেড জানায়, প্রতি কিলোমিটারে ভাড়া নির্ধারণ করা হয়েছে এবং সর্বনিম্ন ভাড়া ২০ টাকা। যাত্রীরা স্মার্ট কার্ড ব্যবহার করে ভ্রমণ করতে পারবেন। উত্তরা থেকে মতিঝিল পর্যন্ত যাতায়াতে সময় অনেক কমে যাবে। মেট্রোরেল চালু হলে রাজধানীর যানজট অনেকাংশে কমবে বলে আশা করা হচ্ছে। প্রধানমন্ত্রী মেট্রোরেলের উদ্বোধন করবেন। প্রথম পর্যায়ে উত্তরা থেকে আগারগাঁও পর্যন্ত চলবে। প্রতিটি ট্রেনে ছয়টি কোচ থাকবে এবং নারী যাত্রীদের জন্য আলাদা কোচ সংরক্ষিত থাকবে। ঘণ্টায় প্রায় ৬০ হাজার যাত্রী পরিবহন করা যাবে। নিরাপত্তা নিশ্চিতে সিসিটিভি ক্যামেরা ও প্রশিক্ষিত কর্মী নিয়োজিত থাকবে।

কমলাপুর পর্যন্ত মেট্রোরেলের সর্বোচ্চ ভাড়া নির্ধারণ করা হয়েছে। ঢাকা ম্যাস ট্রানজিট কোম্পানি লিমিটেড জানায়, প্রতি কিলোমিটারে ভাড়া নির্ধারণ করা হয়েছে এবং সর্বনিম্ন ভাড়া ২০ টাকা। যাত্রীরা স্মার্ট কার্ড ব্যবহার করে ভ্রমণ করতে পারবেন। উত্তরা থেকে মতিঝিল পর্যন্ত যাতায়াতে সময় অনেক কমে যাবে। মেট্রোরেল চালু হলে রাজধানীর যানজট অনেকাংশে কমবে বলে আশা করা হচ্ছে। প্রধানমন্ত্রী মেট্রোরেলের উদ্বোধন করবেন। প্রথম পর্যায়ে উত্তরা থেকে আগারগাঁও পর্যন্ত চলবে। প্রতিটি ট্রেনে ছয়টি কোচ থাকবে এবং নারী যাত্রীদের জন্য আলাদা কোচ সংরক্ষিত থাকবে। ঘণ্টায় প্রায় ৬০ হাজার যাত্রী পরিবহন করা যাবে। নিরাপত্তা নিশ্চিতে সিসিটিভি ক্যামেরা ও প্রশিক্ষিত কর্মী নিয়োজিত থাকবে।

কমলাপুর পর্যন্ত মেট্রোরেলের সর্বোচ্চ ভাড়া নির্ধারণ করা হয়েছে। ঢাকা ম্যাস ট্রানজিট কোম্পানি লিমিটেড জানায়, প্রতি কিলোমিটারে ভাড়া নির্ধারণ করা হয়েছে এবং সর্বনিম্ন ভাড়া ২০ টাকা। যাত্রীরা স্মার্ট কার্ড ব্যবহার করে ভ্রমণ করতে পারবেন। উত্তরা থেকে মতিঝিল পর্যন্ত যাতায়াতে সময় অনেক কমে যাবে। মেট্রোরেল চালু হলে রাজধানীর যানজট অনেকাংশে কমবে বলে আশা করা হচ্ছে। প্রধানমন্ত্রী মেট্রোরেলের উদ্বোধন করবেন। প্রথম পর্যায়ে উত্তরা থেকে আগারগাঁও পর্যন্ত চলবে। প্রতিটি ট্রেনে ছয়টি কোচ থাকবে এবং নারী যাত্রীদের জন্য আলাদা কোচ সংরক্ষিত থাকবে। ঘণ্টায় প্রায় ৬০ হাজার যাত্রী পরিবহন করা যাবে। নিরাপত্তা নিশ্চিতে সিসিটিভি ক্যামেরা ও প্রশিক্ষিত কর্মী নিয়োজিত থাকবে।

কমলাপুর পর্যন্ত মেট্রোরেলের সর্বোচ্চ ভাড়া নির্ধারণ করা হয়েছে। ঢাকা ম্যাস ট্রানজিট কোম্পানি লিমিটেড জানায়, প্রতি কিলোমিটারে ভাড়া নির্ধারণ করা হয়েছে এবং সর্বনিম্ন ভাড়া ২০ টাকা। যাত্রীরা স্মার্ট কার্ড ব্যবহার করে ভ্রমণ করতে পারবেন। উত্তরা থেকে মতিঝিল পর্যন্ত যাতায়াতে সময় অনেক কমে যাবে। মেট্রোরেল চালু হলে রাজধানীর যানজট অনেকাংশে কমবে বলে আশা করা হচ্ছে। প্রধানমন্ত্রী মেট্রোরেলের উদ্বোধন করবেন। প্রথম পর্যায়ে উত্তরা থেকে আগারগাঁও পর্যন্ত চলবে। প্রতিটি ট্রেনে ছয়টি কোচ থাকবে এবং নারী যাত্রীদের জন্য আলাদা কোচ সংরক্ষিত থাকবে। ঘণ্টায় প্রায় ৬০ হাজার যাত্রী পরিবহন করা যাবে। নিরাপত্তা নিশ্চিতে সিসিটিভি ক্যামেরা ও প্রশিক্ষিত কর্মী নিয়োজিত থাকবে।
